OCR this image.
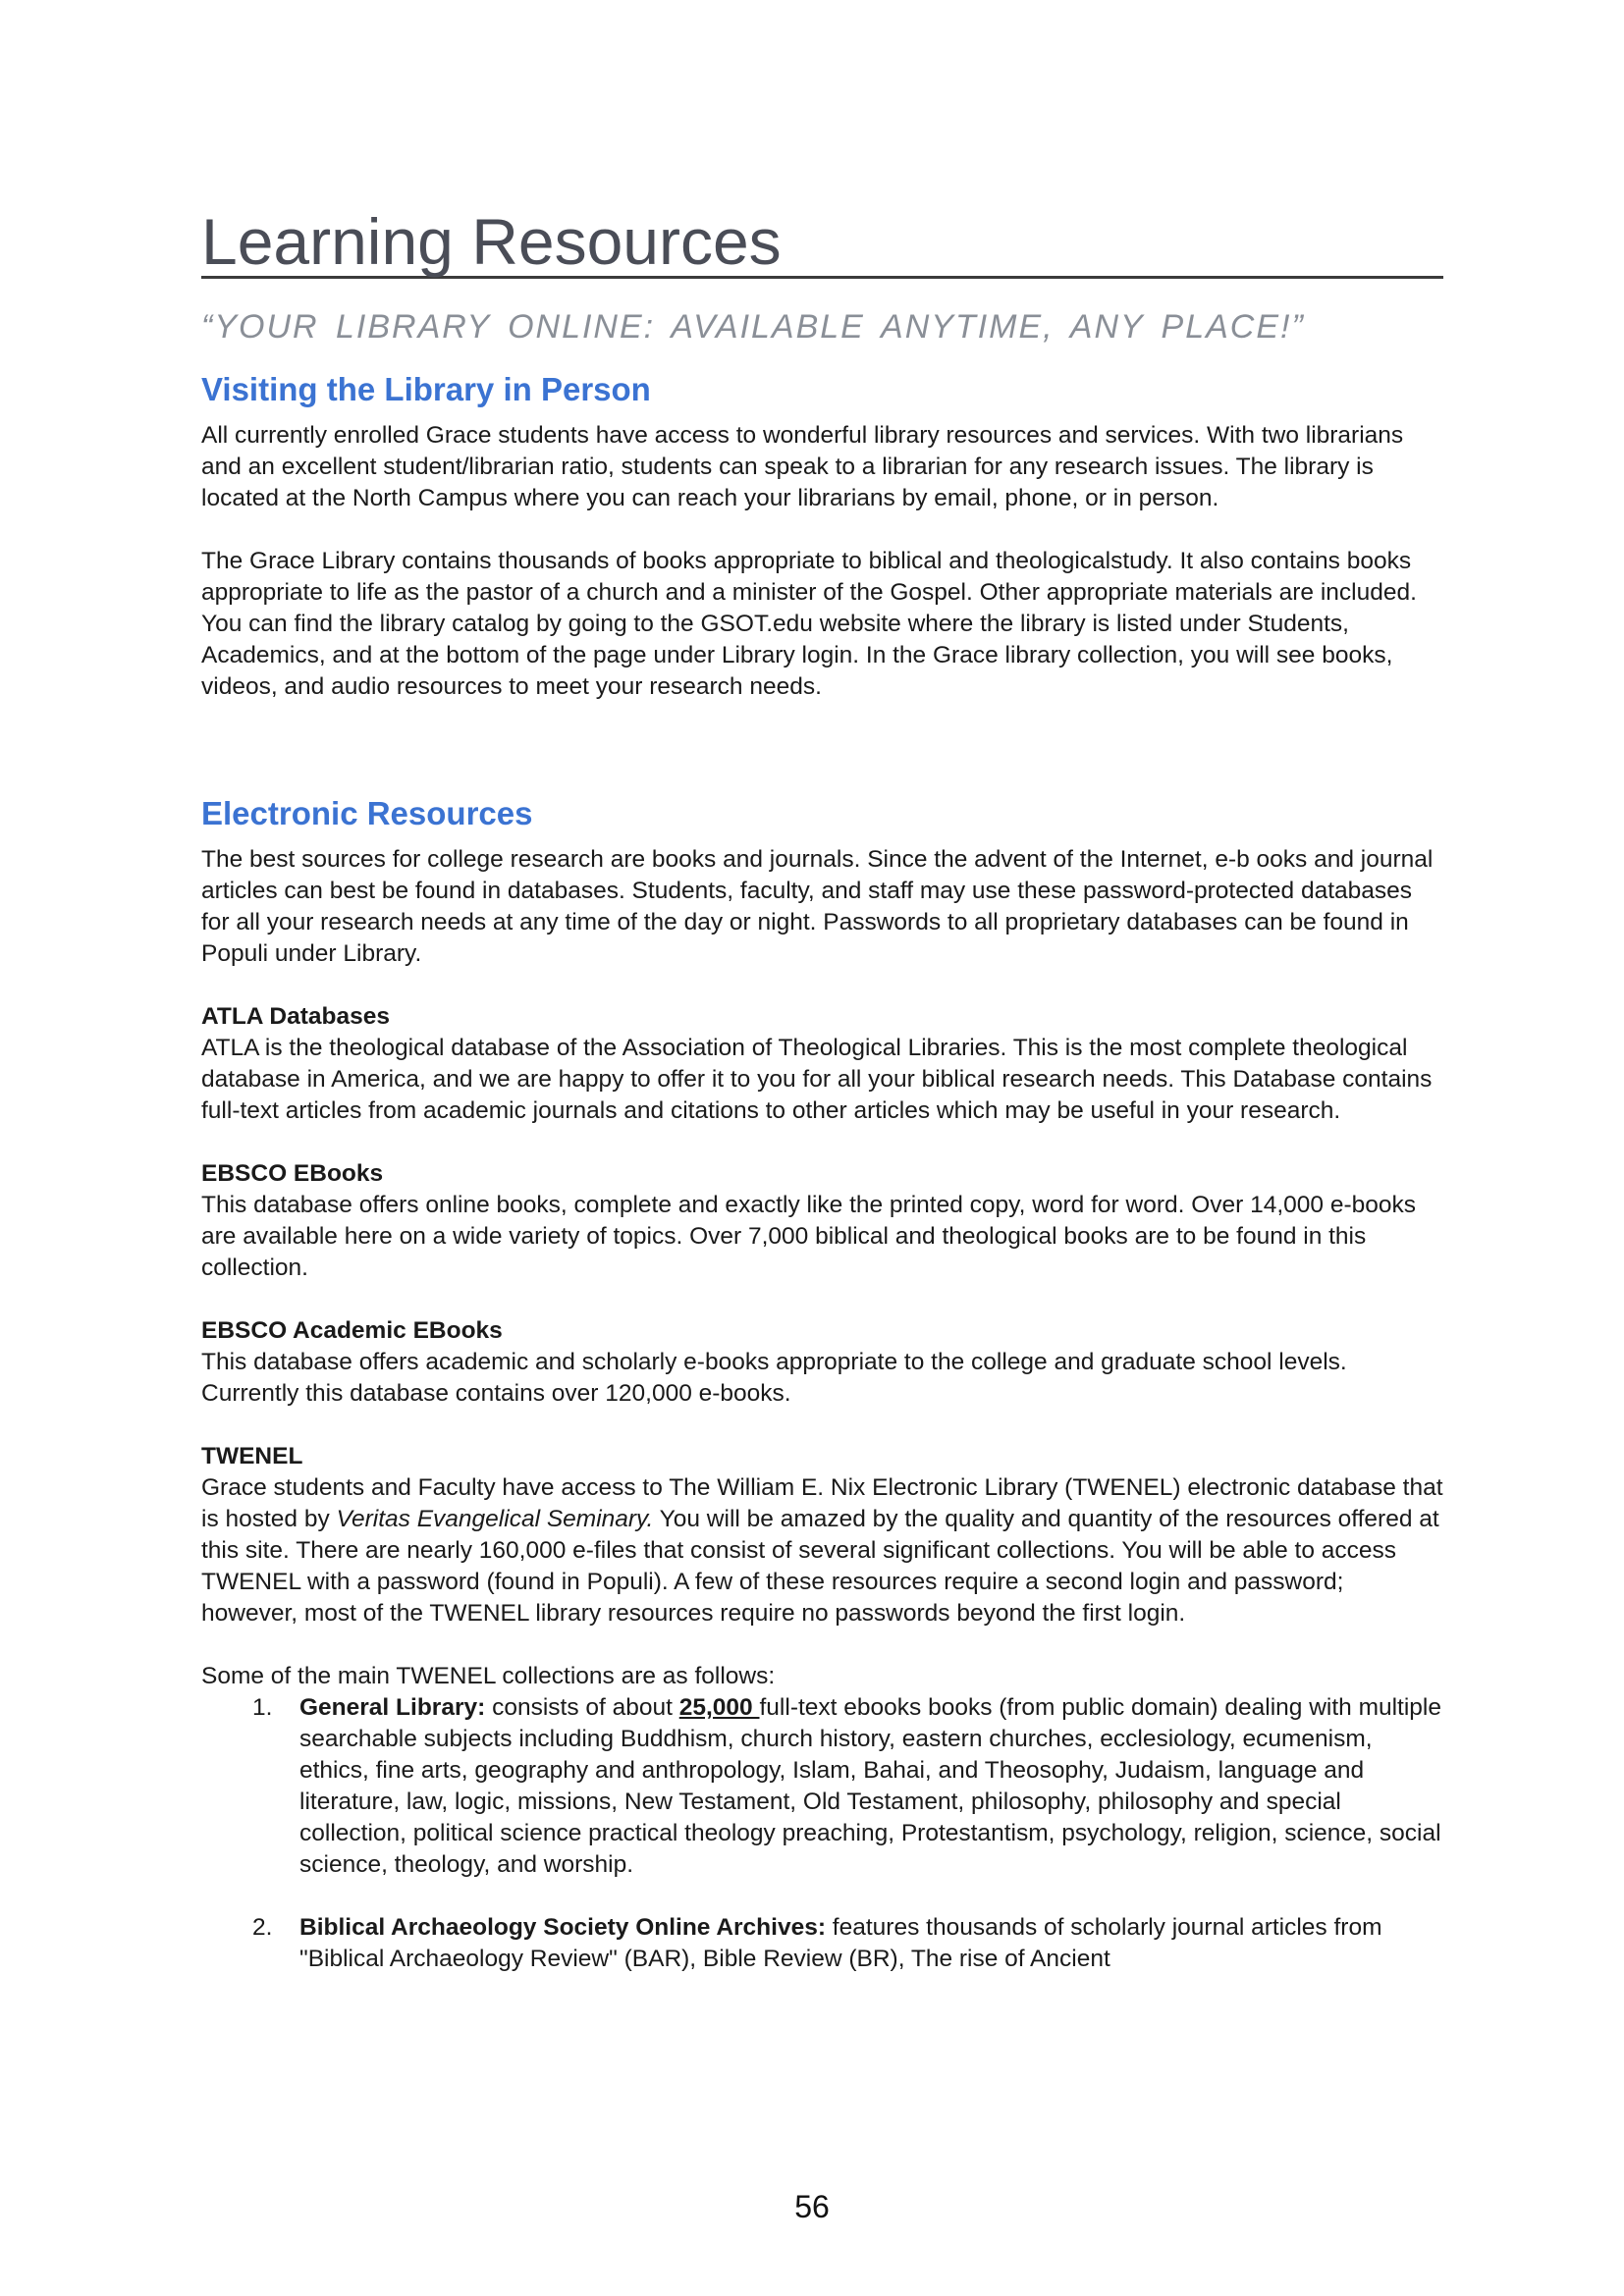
Learning Resources

“YOUR LIBRARY ONLINE: AVAILABLE ANYTIME, ANY PLACE!”

Visiting the Library in Person

All currently enrolled Grace students have access to wonderful library resources and services. With two librarians and an excellent student/librarian ratio, students can speak to a librarian for any research issues. The library is located at the North Campus where you can reach your librarians by email, phone, or in person.

The Grace Library contains thousands of books appropriate to biblical and theologicalstudy. It also contains books appropriate to life as the pastor of a church and a minister of the Gospel. Other appropriate materials are included. You can find the library catalog by going to the GSOT.edu website where the library is listed under Students, Academics, and at the bottom of the page under Library login. In the Grace library collection, you will see books, videos, and audio resources to meet your research needs.

Electronic Resources

The best sources for college research are books and journals. Since the advent of the Internet, e-b ooks and journal articles can best be found in databases. Students, faculty, and staff may use these password-protected databases for all your research needs at any time of the day or night. Passwords to all proprietary databases can be found in Populi under Library.

ATLA Databases

ATLA is the theological database of the Association of Theological Libraries. This is the most complete theological database in America, and we are happy to offer it to you for all your biblical research needs. This Database contains full-text articles from academic journals and citations to other articles which may be useful in your research.

EBSCO EBooks

This database offers online books, complete and exactly like the printed copy, word for word. Over 14,000 e-books are available here on a wide variety of topics. Over 7,000 biblical and theological books are to be found in this collection.

EBSCO Academic EBooks

This database offers academic and scholarly e-books appropriate to the college and graduate school levels. Currently this database contains over 120,000 e-books.

TWENEL

Grace students and Faculty have access to The William E. Nix Electronic Library (TWENEL) electronic database that is hosted by Veritas Evangelical Seminary. You will be amazed by the quality and quantity of the resources offered at this site. There are nearly 160,000 e-files that consist of several significant collections. You will be able to access TWENEL with a password (found in Populi). A few of these resources require a second login and password; however, most of the TWENEL library resources require no passwords beyond the first login.

Some of the main TWENEL collections are as follows:

1. General Library: consists of about 25,000 full-text ebooks books (from public domain) dealing with multiple searchable subjects including Buddhism, church history, eastern churches, ecclesiology, ecumenism, ethics, fine arts, geography and anthropology, Islam, Bahai, and Theosophy, Judaism, language and literature, law, logic, missions, New Testament, Old Testament, philosophy, philosophy and special collection, political science practical theology preaching, Protestantism, psychology, religion, science, social science, theology, and worship.
2. Biblical Archaeology Society Online Archives: features thousands of scholarly journal articles from "Biblical Archaeology Review" (BAR), Bible Review (BR), The rise of Ancient
56
